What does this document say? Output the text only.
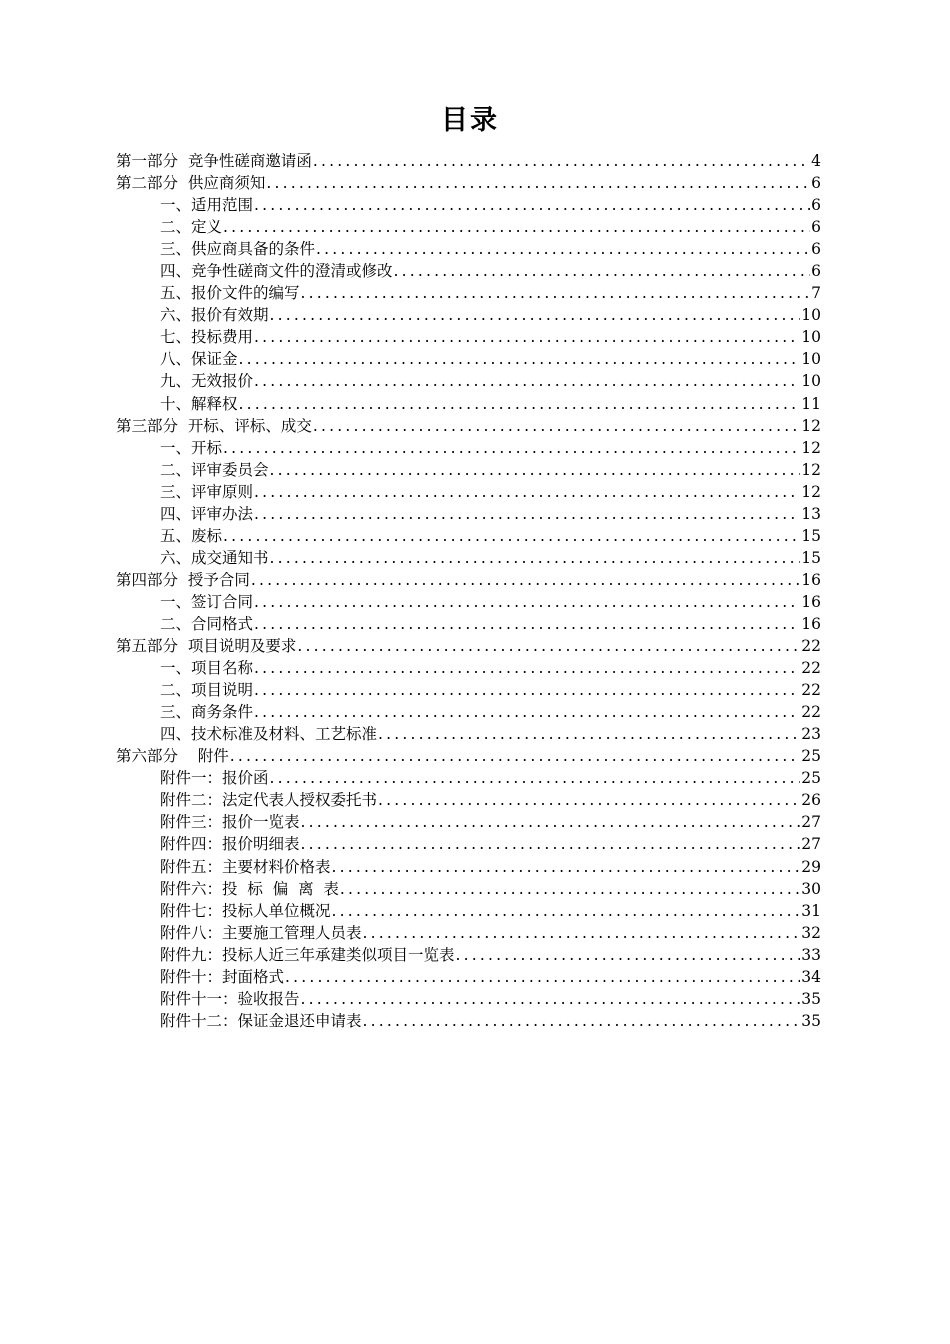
目录
第一部分  竞争性磋商邀请函 .....	4
第二部分  供应商须知 .....	6
一、适用范围 .....	6
二、定义 .....	6
三、供应商具备的条件 .....	6
四、竞争性磋商文件的澄清或修改 .....	6
五、报价文件的编写 .....	7
六、报价有效期 .....	10
七、投标费用 .....	10
八、保证金 .....	10
九、无效报价 .....	10
十、解释权 .....	11
第三部分  开标、评标、成交 .....	12
一、开标 .....	12
二、评审委员会 .....	12
三、评审原则 .....	12
四、评审办法 .....	13
五、废标 .....	15
六、成交通知书 .....	15
第四部分  授予合同 .....	16
一、签订合同 .....	16
二、合同格式 .....	16
第五部分  项目说明及要求 .....	22
一、项目名称 .....	22
二、项目说明 .....	22
三、商务条件 .....	22
四、技术标准及材料、工艺标准 .....	23
第六部分    附件 .....	25
附件一：报价函 .....	25
附件二：法定代表人授权委托书 .....	26
附件三：报价一览表 .....	27
附件四：报价明细表 .....	27
附件五：主要材料价格表 .....	29
附件六：投  标  偏  离  表 .....	30
附件七：投标人单位概况 .....	31
附件八：主要施工管理人员表 .....	32
附件九：投标人近三年承建类似项目一览表 .....	33
附件十：封面格式 .....	34
附件十一：验收报告 .....	35
附件十二：保证金退还申请表 .....	35
